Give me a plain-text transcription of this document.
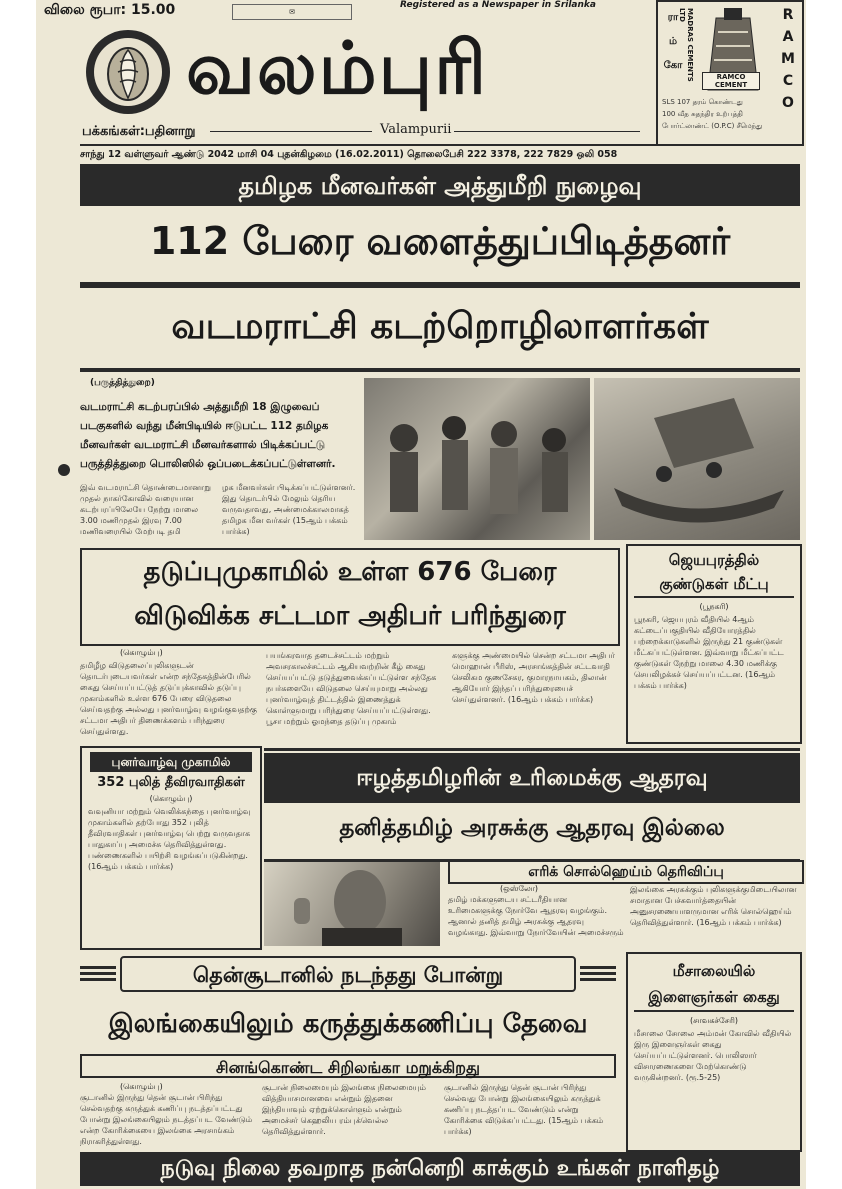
விலை ரூபா: 15.00	✉
Registered as a Newspaper in Srilanka
வலம்புரி
பக்கங்கள்:பதினாறு	Valampurii
ரா
ம்
கோ
R
A
M
C
O
MADRAS CEMENTS LTD
RAMCO CEMENT
SLS 107 தரம் கொண்டது
100 வீத சுதந்திர உற்பத்தி
போர்ட்லாண்ட் (O.P.C) சீமெந்து
சாந்து 12 வள்ளுவர் ஆண்டு 2042 மாசி 04 புதன்கிழமை (16.02.2011) தொலைபேசி 222 3378, 222 7829 ஒலி 058
தமிழக மீனவர்கள் அத்துமீறி நுழைவு
112 பேரை வளைத்துப்பிடித்தனர்
வடமராட்சி கடற்றொழிலாளர்கள்
(பருத்தித்துறை)
வடமராட்சி கடற்பரப்பில் அத்துமீறி 18 இழுவைப் படகுகளில் வந்து மீன்பிடியில் ஈடுபட்ட 112 தமிழக மீனவர்கள் வடமராட்சி மீனவர்களால் பிடிக்கப்பட்டு பருத்தித்துறை பொலிஸில் ஒப்படைக்கப்பட்டுள்ளனர்.
இவ் வடமராட்சி தொண்டைமானாறு முதல் நாகர்கோவில் வரையான கடற்பரப்பிலேயே நேற்று மாலை 3.00 மணிமுதல் இரவு 7.00 மணிவரையில் மேற்படி தமி
ழக மீனவர்கள் பிடிக்கப்பட்டுள்ளனர். இது தொடர்பில் மேலும் தெரிய வருவதாவது, அண்மைக்காலமாகத் தமிழக மீன வர்கள் (15ஆம் பக்கம் பார்க்க)
தடுப்புமுகாமில் உள்ள 676 பேரை
விடுவிக்க சட்டமா அதிபர் பரிந்துரை
(கொழும்பு)
தமிழீழ விடுதலைப்புலிகளுடன் தொடர்புடையவர்கள் என்ற சந்தேகத்தின்பேரில் கைது செய்யப்பட்டுத் தடுப்புக்காவில் தடுப்பு முகாம்களில் உள்ள 676 பேரை விடுதலை செய்வதற்கு அல்லது புனர்வாழ்வு வழங்குவதற்கு சட்டமா அதிபர் திணைக்களம் பரிந்துரை செய்துள்ளது.
பயங்கரவாத தடைச்சட்டம் மற்றும் அவசரகாலச்சட்டம் ஆகியவற்றின் கீழ் கைது செய்யப்பட்டு தடுத்துவைக்கப்பட்டுள்ள சந்தேக நபர்களையே விடுதலை செய்யுமாறு அல்லது புனர்வாழ்வுத் திட்டத்தில் இணைத்துக் கொள்ளுமாறு பரிந்துரை செய்யப்பட்டுள்ளது. பூசா மற்றும் ஓமந்தை தடுப்பு முகாம்
களுக்கு அண்மையில் சென்ற சட்டமா அதிபர் மொஹான் பீரிஸ், அரசாங்கத்தின் சட்டவாதி செலிகம குணசேகர, குமாரநாயகம், திலான் ஆகியோர் இந்தப் பரிந்துரையைச் செய்துள்ளனர். (16ஆம் பக்கம் பார்க்க)
ஜெயபுரத்தில்
குண்டுகள் மீட்பு
(பூநகரி)
பூநகரி, ஜெயபுரம் வீதியில் 4ஆம் கட்டைப்பகுதியில் வீதியோரத்தில் பற்றைக்காடுகளில் இருந்து 21 குண்டுகள் மீட்கப்பட்டுள்ளன. இவ்வாறு மீட்கப்பட்ட குண்டுகள் நேற்று மாலை 4.30 மணிக்கு செயலிழக்கச் செய்யப்பட்டன. (16ஆம் பக்கம் பார்க்க)
புனர்வாழ்வு முகாமில்
352 புலித் தீவிரவாதிகள்
(கொழும்பு)
வவுனியா மற்றும் வெலிக்கந்தை புனர்வாழ்வு முகாம்களில் தற்போது 352 புலித் தீவிரவாதிகள் புனர்வாழ்வு பெற்று வருவதாக பாதுகாப்பு அமைச்சு தெரிவித்துள்ளது. பண்ணைகளில் பயிற்சி வழங்கப்படுகின்றது. (16ஆம் பக்கம் பார்க்க)
ஈழத்தமிழரின் உரிமைக்கு ஆதரவு
தனித்தமிழ் அரசுக்கு ஆதரவு இல்லை
எரிக் சொல்ஹெய்ம் தெரிவிப்பு
(ஒஸ்லோ)
தமிழ் மக்களுடைய சட்டரீதியான உரிமைகளுக்கு நோர்வே ஆதரவு வழங்கும். ஆனால் தனித் தமிழ் அரசுக்கு ஆதரவு வழங்காது. இவ்வாறு நோர்வேயின் அமைச்சரும்
இலங்கை அரசுக்கும் புலிகளுக்குமிடையிலான சமாதான பேச்சுவார்த்தையின் அனுசரணையாளருமான எரிக் சொல்ஹெய்ம் தெரிவித்துள்ளார். (16ஆம் பக்கம் பார்க்க)
தென்சூடானில் நடந்தது போன்று
இலங்கையிலும் கருத்துக்கணிப்பு தேவை
சினங்கொண்ட சிறிலங்கா மறுக்கிறது
(கொழும்பு)
சூடானில் இருந்து தென் சூடான் பிரிந்து செல்வதற்கு கருத்துக் கணிப்பு நடத்தப்பட்டது போன்று இலங்கையிலும் நடத்தப்பட வேண்டும் என்ற கோரிக்கையை இலங்கை அரசாங்கம் நிராகரித்துள்ளது.
சூடான் நிலைமையும் இலங்கை நிலைமையும் வித்தியாசமானவை என்றும் இதனை இந்தியாவும் ஏற்றுக்கொள்ளும் என்றும் அமைச்சர் கெஹலிய ரம்புக்வெல்ல தெரிவித்துள்ளார்.
சூடானில் இருந்து தென் சூடான் பிரிந்து செல்வது போன்று இலங்கையிலும் கருத்துக் கணிப்பு நடத்தப்பட வேண்டும் என்று கோரிக்கை விடுக்கப்பட்டது. (15ஆம் பக்கம் பார்க்க)
மீசாலையில்
இளைஞர்கள் கைது
(சாவகச்சேரி)
மீசாலை சோலை அம்மன் கோவில் வீதியில் இரு இளைஞர்கள் கைது செய்யப்பட்டுள்ளனர். பொலிஸார் விசாரணைகளை மேற்கொண்டு வருகின்றனர். (ரூ.5-25)
நடுவு நிலை தவறாத நன்னெறி காக்கும் உங்கள் நாளிதழ்
